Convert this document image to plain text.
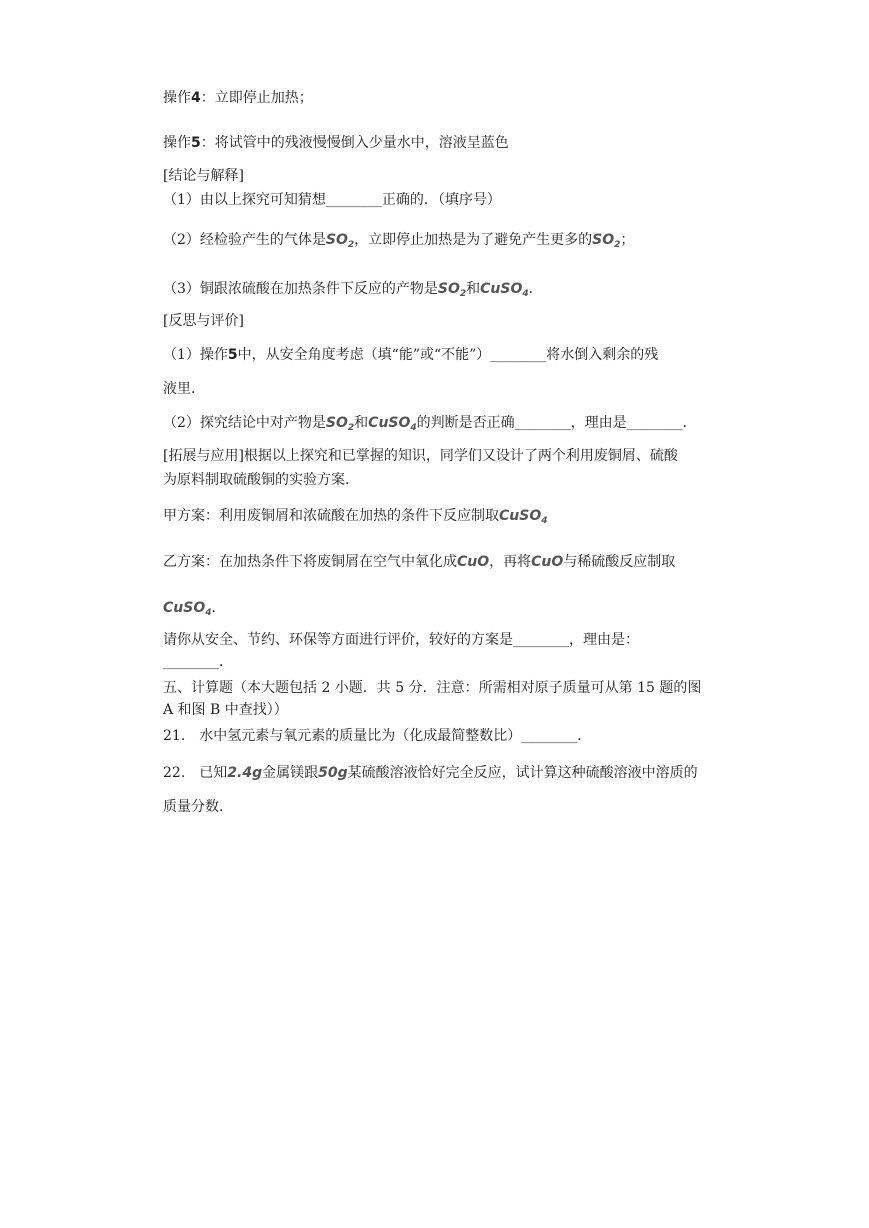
操作4：立即停止加热；
操作5：将试管中的残液慢慢倒入少量水中，溶液呈蓝色
[结论与解释]
（1）由以上探究可知猜想________正确的．（填序号）
（2）经检验产生的气体是$SO_2$，立即停止加热是为了避免产生更多的$SO_2$；
（3）铜跟浓硫酸在加热条件下反应的产物是$SO_2$和CuSO$_4$．
[反思与评价]
（1）操作5中，从安全角度考虑（填“能”或“不能”）________将水倒入剩余的残
液里．
（2）探究结论中对产物是$SO_2$和CuSO$_4$的判断是否正确________，理由是________．
[拓展与应用]根据以上探究和已掌握的知识，同学们又设计了两个利用废铜屑、硫酸
为原料制取硫酸铜的实验方案．
甲方案：利用废铜屑和浓硫酸在加热的条件下反应制取CuSO$_4$
乙方案：在加热条件下将废铜屑在空气中氧化成CuO，再将CuO与稀硫酸反应制取
CuSO$_4$．
请你从安全、节约、环保等方面进行评价，较好的方案是________，理由是：
________．
五、计算题（本大题包括 2 小题．共 5 分．注意：所需相对原子质量可从第 15 题的图
A 和图 B 中查找））
21.　水中氢元素与氧元素的质量比为（化成最简整数比）________．
22.　已知2.4g金属镁跟50g某硫酸溶液恰好完全反应，试计算这种硫酸溶液中溶质的
质量分数．
